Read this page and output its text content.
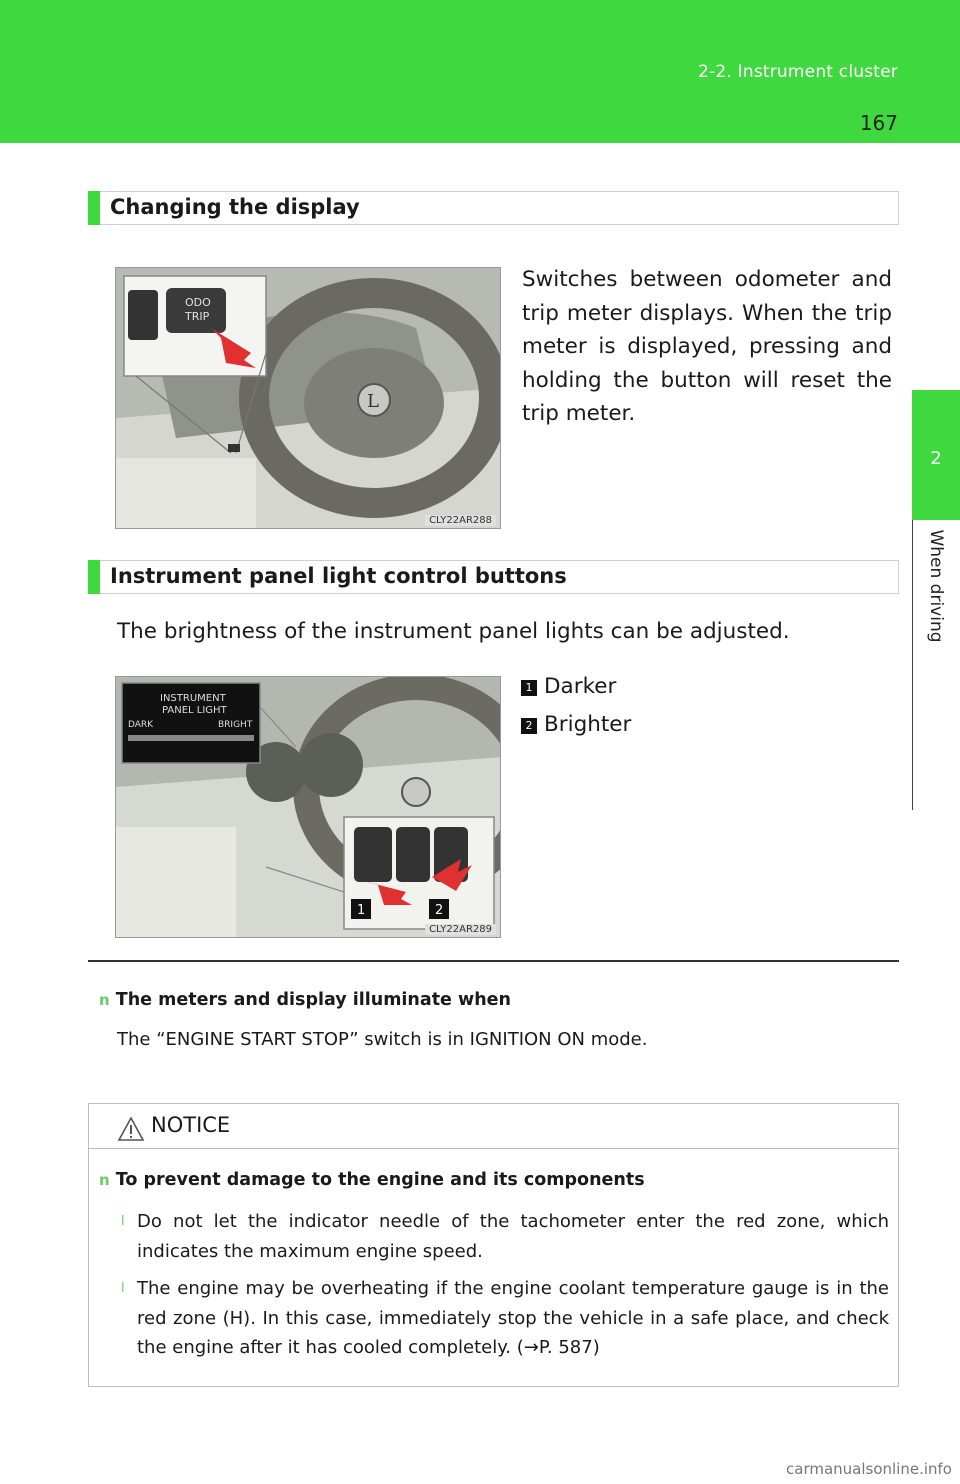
2-2. Instrument cluster
167
2
When driving
Changing the display
L
ODO
TRIP
CLY22AR288
Switches between odometer and trip meter displays. When the trip meter is displayed, pressing and holding the button will reset the trip meter.
Instrument panel light control buttons
The brightness of the instrument panel lights can be adjusted.
INSTRUMENT
PANEL LIGHT
DARK	BRIGHT
1	2
CLY22AR289
1 Darker
2 Brighter
n The meters and display illuminate when
The “ENGINE START STOP” switch is in IGNITION ON mode.
NOTICE
n To prevent damage to the engine and its components
l Do not let the indicator needle of the tachometer enter the red zone, which indicates the maximum engine speed.
l The engine may be overheating if the engine coolant temperature gauge is in the red zone (H). In this case, immediately stop the vehicle in a safe place, and check the engine after it has cooled completely. (→P. 587)
carmanualsonline.info
